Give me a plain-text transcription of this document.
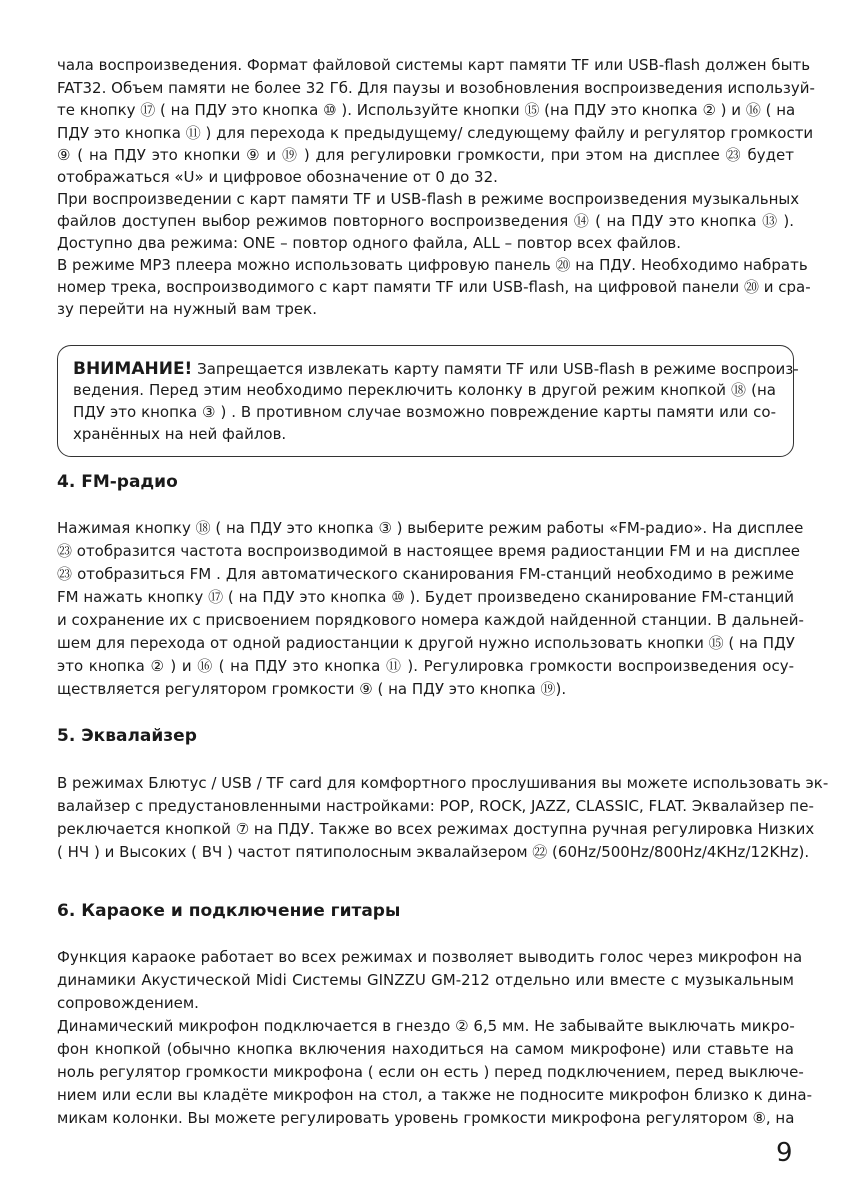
чала воспроизведения. Формат файловой системы карт памяти TF или USB-flash должен быть
FAT32. Объем памяти не более 32 Гб. Для паузы и возобновления воспроизведения используй-
те кнопку ⑰ ( на ПДУ это кнопка ⑩ ). Используйте кнопки ⑮ (на ПДУ это кнопка ② ) и ⑯ ( на
ПДУ это кнопка ⑪ ) для перехода к предыдущему/ следующему файлу и регулятор громкости
⑨ ( на ПДУ это кнопки ⑨ и ⑲ ) для регулировки громкости, при этом на дисплее ㉓ будет
отображаться «U» и цифровое обозначение от 0 до 32.
При воспроизведении с карт памяти TF и USB-flash в режиме воспроизведения музыкальных
файлов доступен выбор режимов повторного воспроизведения ⑭ ( на ПДУ это кнопка ⑬ ).
Доступно два режима: ONE – повтор одного файла, ALL – повтор всех файлов.
В режиме MP3 плеера можно использовать цифровую панель ⑳ на ПДУ. Необходимо набрать
номер трека, воспроизводимого с карт памяти TF или USB-flash, на цифровой панели ⑳ и сра-
зу перейти на нужный вам трек.
ВНИМАНИЕ! Запрещается извлекать карту памяти TF или USB-flash в режиме воспроиз-
ведения. Перед этим необходимо переключить колонку в другой режим кнопкой ⑱ (на
ПДУ это кнопка ③ ) . В противном случае возможно повреждение карты памяти или со-
хранённых на ней файлов.
4. FM-радио
Нажимая кнопку ⑱ ( на ПДУ это кнопка ③ ) выберите режим работы «FM-радио». На дисплее
㉓ отобразится частота воспроизводимой в настоящее время радиостанции FM и на дисплее
㉓ отобразиться FM . Для автоматического сканирования FM-станций необходимо в режиме
FM нажать кнопку ⑰ ( на ПДУ это кнопка ⑩ ). Будет произведено сканирование FM-станций
и сохранение их с присвоением порядкового номера каждой найденной станции. В дальней-
шем для перехода от одной радиостанции к другой нужно использовать кнопки ⑮ ( на ПДУ
это кнопка ② ) и ⑯ ( на ПДУ это кнопка ⑪ ). Регулировка громкости воспроизведения осу-
ществляется регулятором громкости ⑨ ( на ПДУ это кнопка ⑲).
5. Эквалайзер
В режимах Блютус / USB / TF card для комфортного прослушивания вы можете использовать эк-
валайзер с предустановленными настройками: POP, ROCK, JAZZ, CLASSIC, FLAT. Эквалайзер пе-
реключается кнопкой ⑦ на ПДУ. Также во всех режимах доступна ручная регулировка Низких
( НЧ ) и Высоких ( ВЧ ) частот пятиполосным эквалайзером ㉒ (60Hz/500Hz/800Hz/4KHz/12KHz).
6. Караоке и подключение гитары
Функция караоке работает во всех режимах и позволяет выводить голос через микрофон на
динамики Акустической Midi Системы GINZZU GM-212 отдельно или вместе с музыкальным
сопровождением.
Динамический микрофон подключается в гнездо ② 6,5 мм. Не забывайте выключать микро-
фон кнопкой (обычно кнопка включения находиться на самом микрофоне) или ставьте на
ноль регулятор громкости микрофона ( если он есть ) перед подключением, перед выключе-
нием или если вы кладёте микрофон на стол, а также не подносите микрофон близко к дина-
микам колонки. Вы можете регулировать уровень громкости микрофона регулятором ⑧, на
9
